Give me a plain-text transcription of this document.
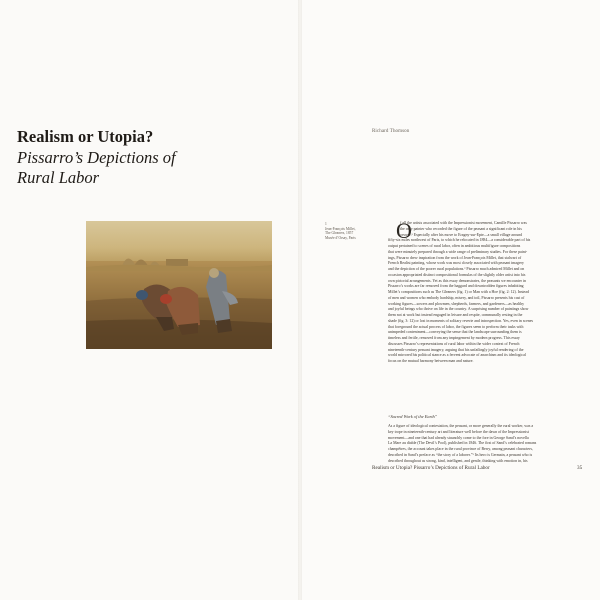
Realism or Utopia?
Pissarro’s Depictions of
Rural Labor
Richard Thomson
1
Jean-François Millet,
The Gleaners, 1857
Musée d’Orsay, Paris	O
f all the artists associated with the Impressionist movement, Camille Pissarro was
the only painter who recorded the figure of the peasant a significant role in his
oeuvre.¹ Especially after his move to Eragny-sur-Epte—a small village around
fifty-six miles northwest of Paris, to which he relocated in 1884—a considerable part of his
output pertained to scenes of rural labor, often in ambitious multifigure compositions
that were minutely prepared through a wide range of preliminary studies. For these paint-
ings, Pissarro drew inspiration from the work of Jean-François Millet, that stalwart of
French Realist painting, whose work was most closely associated with peasant imagery
and the depiction of the poorer rural populations.² Pissarro much admired Millet and on
occasion appropriated distinct compositional formulas of the slightly older artist into his
own pictorial arrangements. Yet as this essay demonstrates, the peasants we encounter in
Pissarro’s works are far removed from the haggard and downtrodden figures inhabiting
Millet’s compositions such as The Gleaners (fig. 1) or Man with a Hoe (fig. 2: 12). Instead
of men and women who embody hardship, misery, and toil, Pissarro presents his cast of
working figures—sowers and plowmen, shepherds, farmers, and gardeners—as healthy
and joyful beings who thrive on life in the country. A surprising number of paintings show
them not at work but instead engaged in leisure and respite, communally resting in the
shade (fig. 3: 12) or lost in moments of solitary reverie and introspection. Yes, even in scenes
that foreground the actual process of labor, the figures seem to perform their tasks with
unimpeded contentment—conveying the sense that the landscape surrounding them is
timeless and fertile, removed from any impingement by modern progress. This essay
discusses Pissarro’s representations of rural labor within the wider context of French
nineteenth-century peasant imagery, arguing that his unfailingly joyful rendering of the
world mirrored his political stance as a fervent advocate of anarchism and its ideological
focus on the mutual harmony between man and nature.
“Sacred Work of the Earth”
As a figure of ideological contestation, the peasant, or more generally the rural worker, was a
key trope in nineteenth-century art and literature well before the dawn of the Impressionist
movement—and one that had already staunchly come to the fore in George Sand’s novella
La Mare au diable (The Devil’s Pool), published in 1846. The first of Sand’s celebrated romans
champêtres, the account takes place in the rural province of Berry, among peasant characters,
described in Sand’s preface as “the story of a laborer.”³ Its hero is Germain, a peasant who is
described throughout as strong, kind, intelligent, and gentle, thinking with emotion in, his
Realism or Utopia? Pissarro’s Depictions of Rural Labor	35
